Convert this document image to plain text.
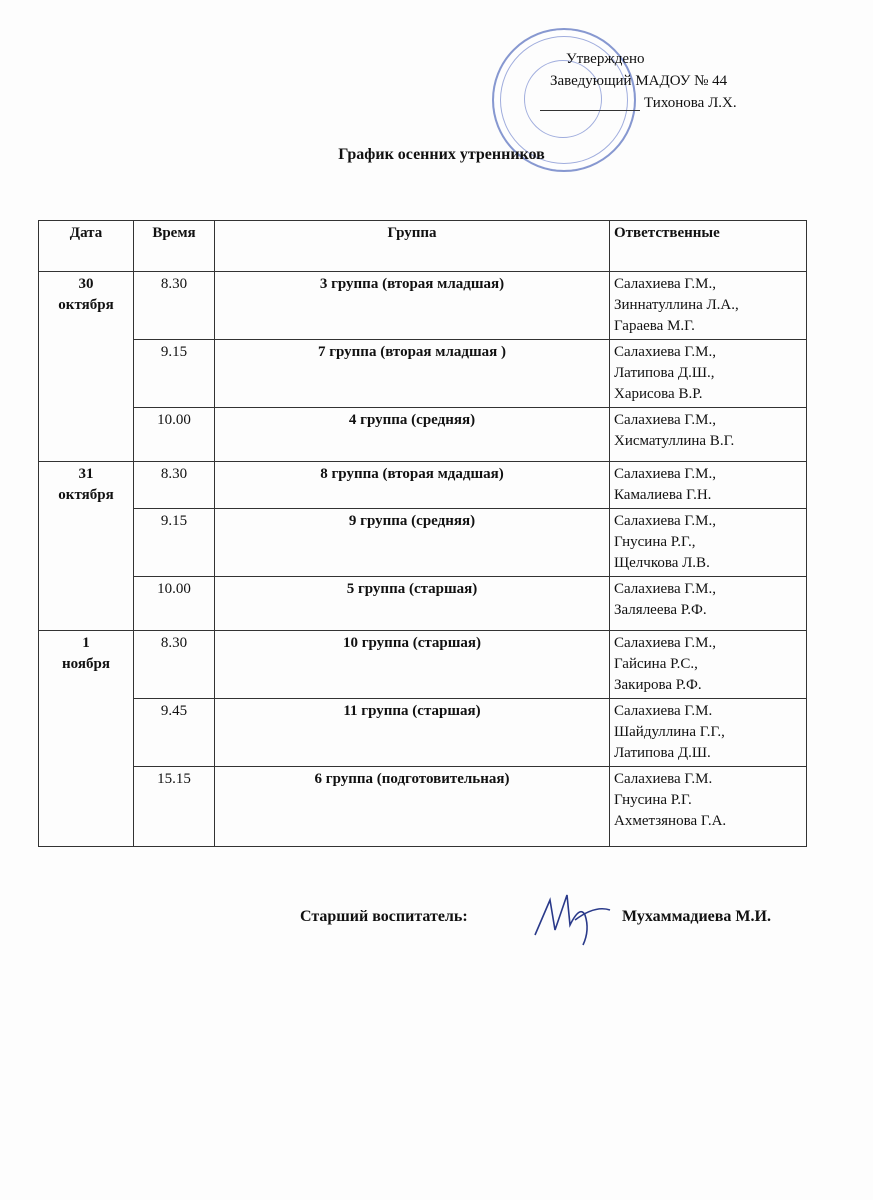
Утверждено
Заведующий МАДОУ № 44
Тихонова Л.Х.
График осенних утренников
Дата	Время	Группа	Ответственные

30
октября	8.30	3 группа (вторая младшая)	Салахиева Г.М.,
Зиннатуллина Л.А.,
Гараева М.Г.

	9.15	7 группа (вторая младшая )	Салахиева Г.М.,
Латипова Д.Ш.,
Харисова В.Р.

	10.00	4 группа (средняя)	Салахиева Г.М.,
Хисматуллина В.Г.

31
октября	8.30	8 группа (вторая мдадшая)	Салахиева Г.М.,
Камалиева Г.Н.

	9.15	9 группа (средняя)	Салахиева Г.М.,
Гнусина Р.Г.,
Щелчкова Л.В.

	10.00	5 группа (старшая)	Салахиева Г.М.,
Залялеева Р.Ф.

1
ноября	8.30	10 группа (старшая)	Салахиева Г.М.,
Гайсина Р.С.,
Закирова Р.Ф.

	9.45	11 группа (старшая)	Салахиева Г.М.
Шайдуллина Г.Г.,
Латипова Д.Ш.

	15.15	6 группа (подготовительная)	Салахиева Г.М.
Гнусина Р.Г.
Ахметзянова Г.А.
Старший воспитатель:	Мухаммадиева М.И.
